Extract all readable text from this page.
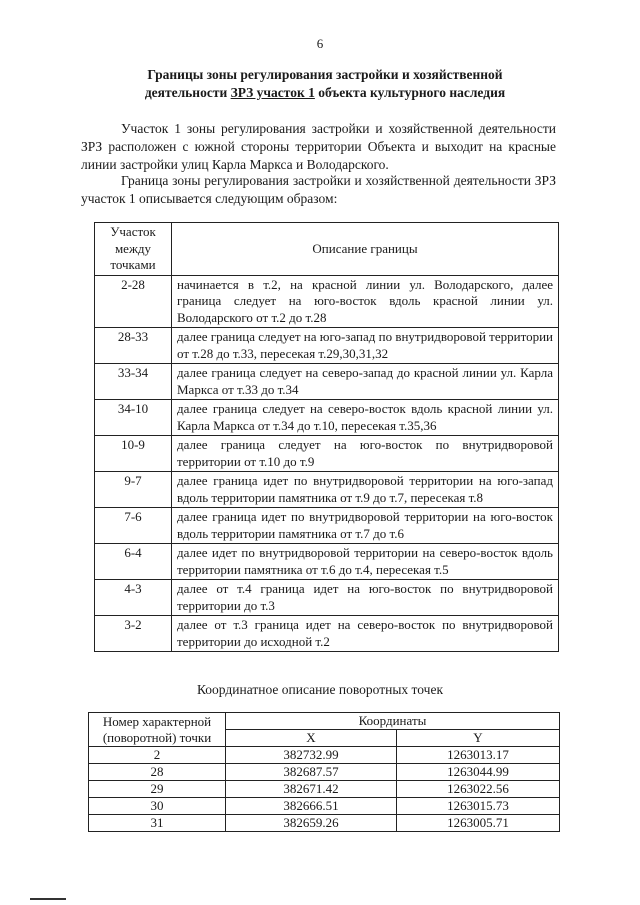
6
Границы зоны регулирования застройки и хозяйственной
деятельности ЗРЗ участок 1 объекта культурного наследия

Участок 1 зоны регулирования застройки и хозяйственной деятельности ЗРЗ расположен с южной стороны территории Объекта и выходит на красные линии застройки улиц Карла Маркса и Володарского.

Граница зоны регулирования застройки и хозяйственной деятельности ЗРЗ участок 1 описывается следующим образом:

Участок между точками	Описание границы
2-28	начинается в т.2, на красной линии ул. Володарского, далее граница следует на юго-восток вдоль красной линии ул. Володарского от т.2 до т.28
28-33	далее граница следует на юго-запад по внутридворовой территории от т.28 до т.33, пересекая т.29,30,31,32
33-34	далее граница следует на северо-запад до красной линии ул. Карла Маркса от т.33 до т.34
34-10	далее граница следует на северо-восток вдоль красной линии ул. Карла Маркса от т.34 до т.10, пересекая т.35,36
10-9	далее граница следует на юго-восток по внутридворовой территории от т.10 до т.9
9-7	далее граница идет по внутридворовой территории на юго-запад вдоль территории памятника от т.9 до т.7, пересекая т.8
7-6	далее граница идет по внутридворовой территории на юго-восток вдоль территории памятника от т.7 до т.6
6-4	далее идет по внутридворовой территории на северо-восток вдоль территории памятника от т.6 до т.4, пересекая т.5
4-3	далее от т.4 граница идет на юго-восток по внутридворовой территории до т.3
3-2	далее от т.3 граница идет на северо-восток по внутридворовой территории до исходной т.2
Координатное описание поворотных точек
Номер характерной (поворотной) точки	Координаты	
	X	Y
2	382732.99	1263013.17
28	382687.57	1263044.99
29	382671.42	1263022.56
30	382666.51	1263015.73
31	382659.26	1263005.71
